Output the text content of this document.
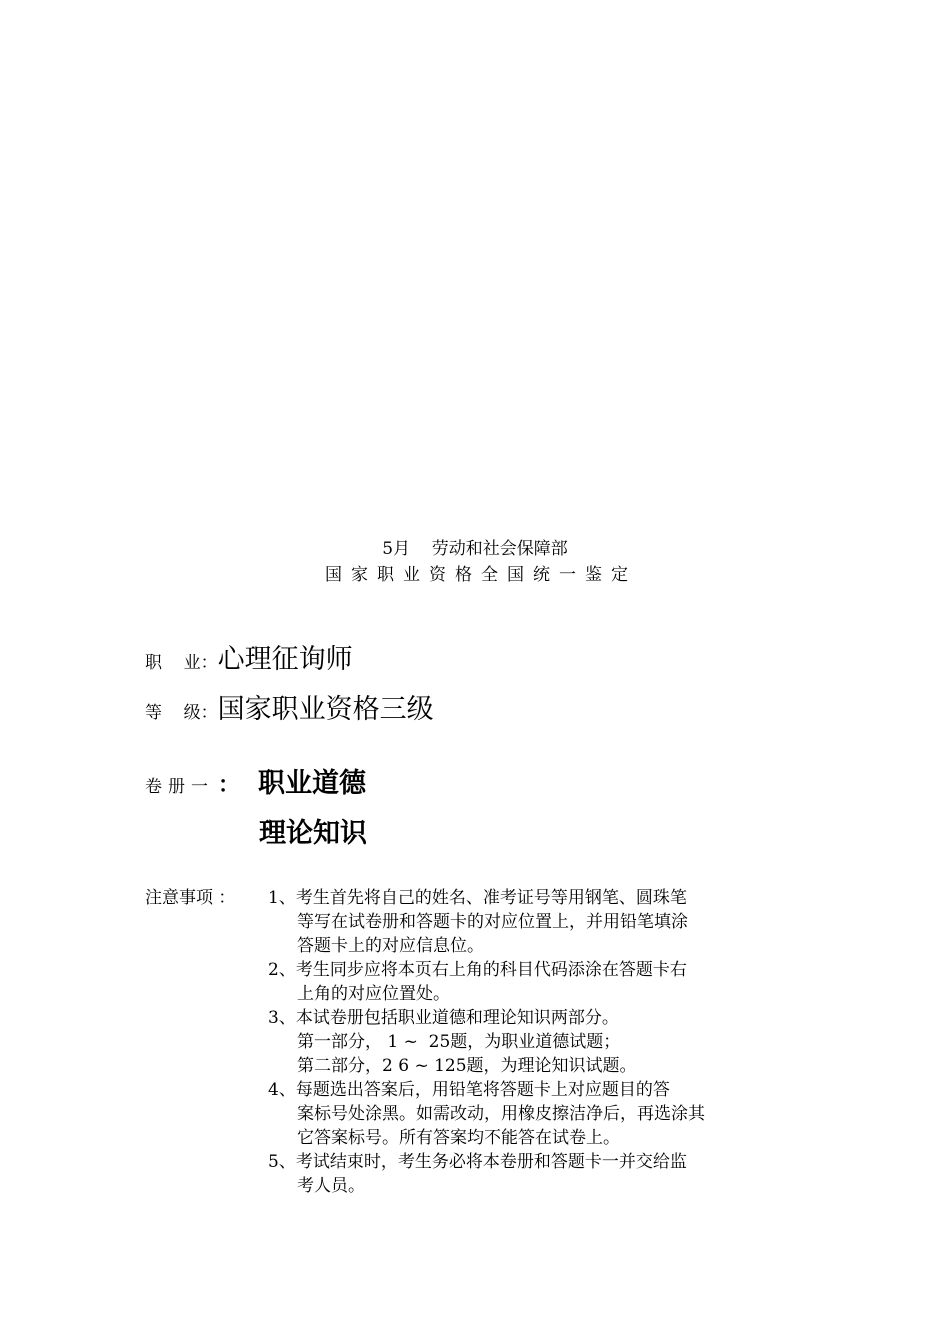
5月    劳动和社会保障部
国家职业资格全国统一鉴定
职    业： 心理征询师
等    级： 国家职业资格三级
卷册一 ： 职业道德
理论知识
注意事项 ： 1、考生首先将自己的姓名、准考证号等用钢笔、圆珠笔
等写在试卷册和答题卡的对应位置上，并用铅笔填涂
答题卡上的对应信息位。
2、考生同步应将本页右上角的科目代码添涂在答题卡右
上角的对应位置处。
3、本试卷册包括职业道德和理论知识两部分。
第一部分， 1 ~  25题，为职业道德试题；
第二部分，2 6 ~ 125题，为理论知识试题。
4、每题选出答案后，用铅笔将答题卡上对应题目的答
案标号处涂黑。如需改动，用橡皮擦洁净后，再选涂其
它答案标号。所有答案均不能答在试卷上。
5、考试结束时，考生务必将本卷册和答题卡一并交给监
考人员。
